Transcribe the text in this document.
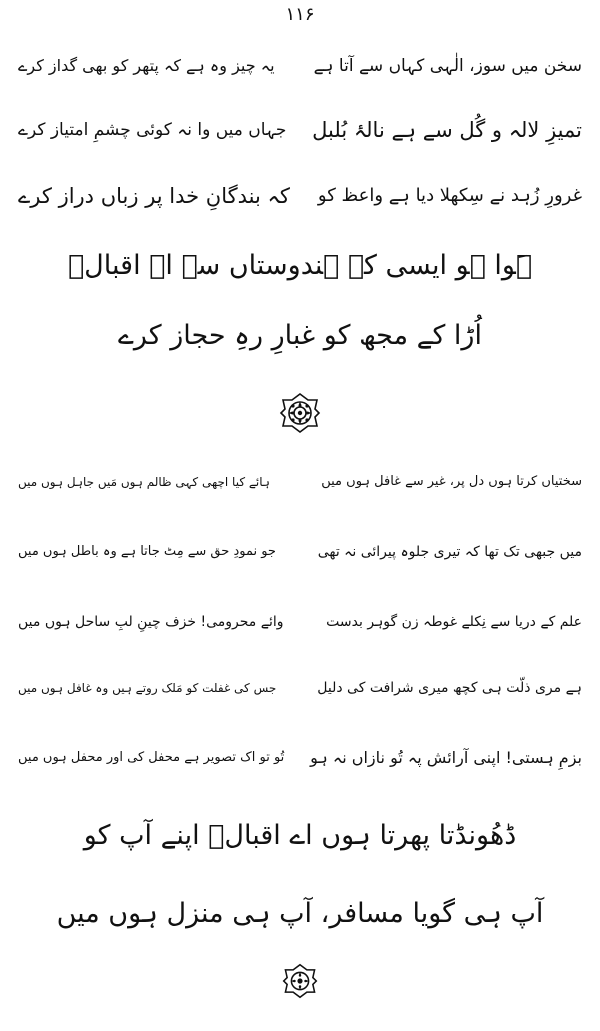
۱۱۶
سخن میں سوز، الٰہی کہاں سے آتا ہے
یہ چیز وہ ہے کہ پتھر کو بھی گداز کرے
تمیزِ لالہ و گُل سے ہے نالۂ بُلبل
جہاں میں وا نہ کوئی چشمِ امتیاز کرے
غرورِ زُہد نے سِکھلا دیا ہے واعظ کو
کہ بندگانِ خدا پر زباں دراز کرے
ہَوا ہو ایسی کہ ہندوستاں سے اے اقبالؔ
اُڑا کے مجھ کو غبارِ رہِ حجاز کرے
سختیاں کرتا ہوں دل پر، غیر سے غافل ہوں میں
ہائے کیا اچھی کہی ظالم ہوں مَیں جاہل ہوں میں
میں جبھی تک تھا کہ تیری جلوہ پیرائی نہ تھی
جو نمودِ حق سے مِٹ جاتا ہے وہ باطل ہوں میں
علم کے دریا سے نِکلے غوطہ زن گوہر بدست
وائے محرومی! خزف چینِ لبِ ساحل ہوں میں
ہے مری ذلّت ہی کچھ میری شرافت کی دلیل
جس کی غفلت کو مَلک روتے ہیں وہ غافل ہوں میں
بزمِ ہستی! اپنی آرائش پہ تُو نازاں نہ ہو
تُو تو اک تصویر ہے محفل کی اور محفل ہوں میں
ڈھُونڈتا پھرتا ہوں اے اقبالؔ اپنے آپ کو
آپ ہی گویا مسافر، آپ ہی منزل ہوں میں
